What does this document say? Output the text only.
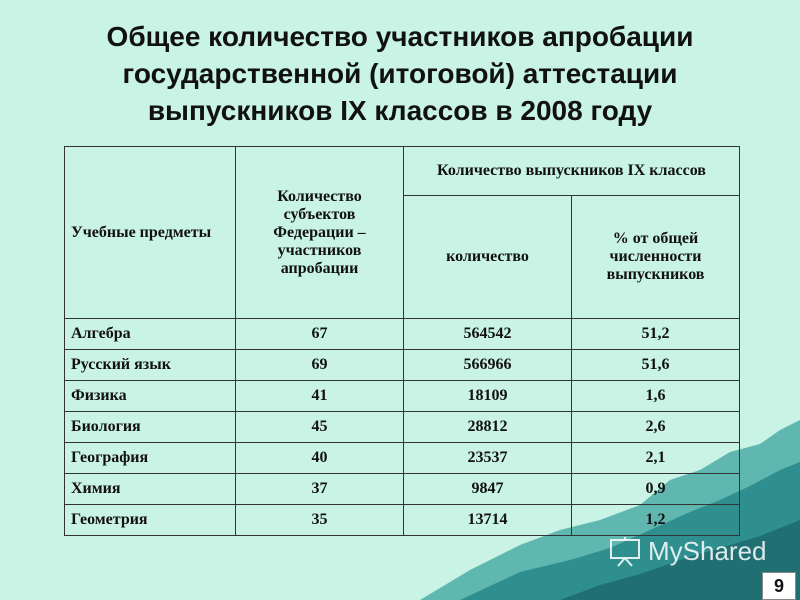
Общее количество участников апробации государственной (итоговой) аттестации выпускников IX классов в 2008 году
Учебные предметы	Количество субъектов Федерации – участников апробации	Количество выпускников IX классов	
		количество	% от общей численности выпускников
Алгебра	67	564542	51,2
Русский язык	69	566966	51,6
Физика	41	18109	1,6
Биология	45	28812	2,6
География	40	23537	2,1
Химия	37	9847	0,9
Геометрия	35	13714	1,2
MyShared
9
